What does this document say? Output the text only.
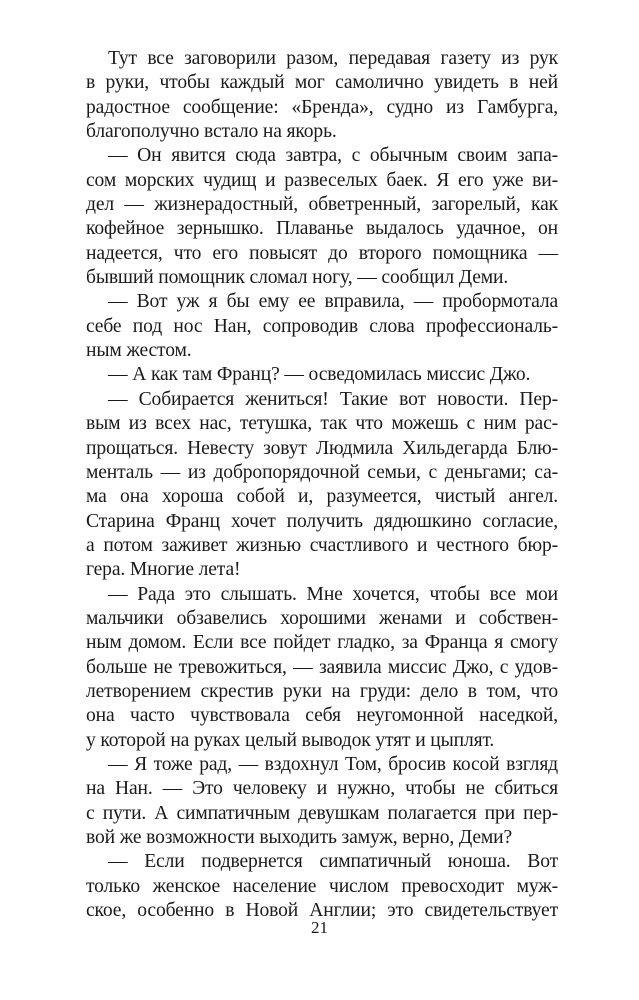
Тут все заговорили разом, передавая газету из рук
в руки, чтобы каждый мог самолично увидеть в ней
радостное сообщение: «Бренда», судно из Гамбурга,
благополучно встало на якорь.
— Он явится сюда завтра, с обычным своим запа-
сом морских чудищ и развеселых баек. Я его уже ви-
дел — жизнерадостный, обветренный, загорелый, как
кофейное зернышко. Плаванье выдалось удачное, он
надеется, что его повысят до второго помощника —
бывший помощник сломал ногу, — сообщил Деми.
— Вот уж я бы ему ее вправила, — пробормотала
себе под нос Нан, сопроводив слова профессиональ-
ным жестом.
— А как там Франц? — осведомилась миссис Джо.
— Собирается жениться! Такие вот новости. Пер-
вым из всех нас, тетушка, так что можешь с ним рас-
прощаться. Невесту зовут Людмила Хильдегарда Блю-
менталь — из добропорядочной семьи, с деньгами; са-
ма она хороша собой и, разумеется, чистый ангел.
Старина Франц хочет получить дядюшкино согласие,
а потом заживет жизнью счастливого и честного бюр-
гера. Многие лета!
— Рада это слышать. Мне хочется, чтобы все мои
мальчики обзавелись хорошими женами и собствен-
ным домом. Если все пойдет гладко, за Франца я смогу
больше не тревожиться, — заявила миссис Джо, с удов-
летворением скрестив руки на груди: дело в том, что
она часто чувствовала себя неугомонной наседкой,
у которой на руках целый выводок утят и цыплят.
— Я тоже рад, — вздохнул Том, бросив косой взгляд
на Нан. — Это человеку и нужно, чтобы не сбиться
с пути. А симпатичным девушкам полагается при пер-
вой же возможности выходить замуж, верно, Деми?
— Если подвернется симпатичный юноша. Вот
только женское население числом превосходит муж-
ское, особенно в Новой Англии; это свидетельствует
21
